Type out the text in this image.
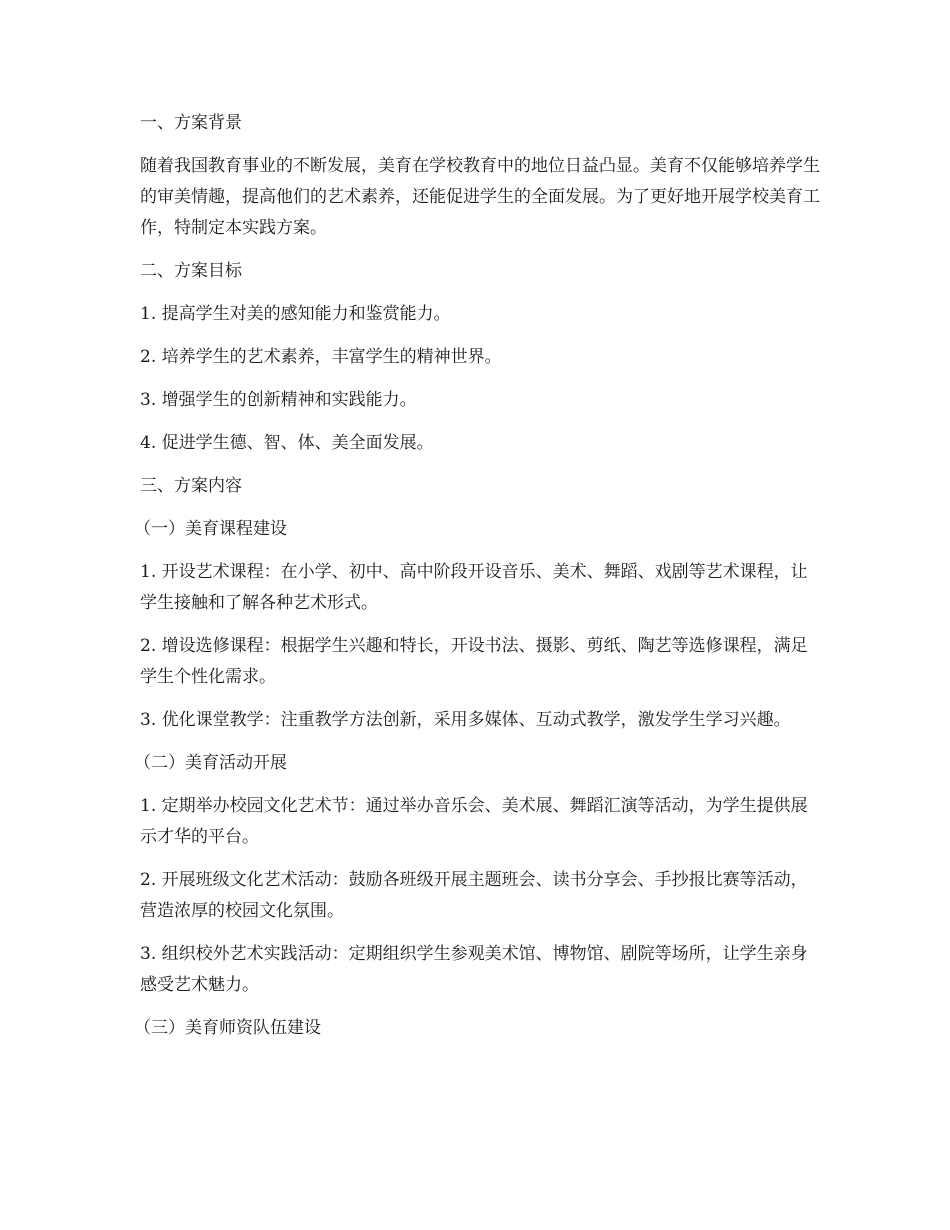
一、方案背景

随着我国教育事业的不断发展，美育在学校教育中的地位日益凸显。美育不仅能够培养学生的审美情趣，提高他们的艺术素养，还能促进学生的全面发展。为了更好地开展学校美育工作，特制定本实践方案。

二、方案目标

1. 提高学生对美的感知能力和鉴赏能力。

2. 培养学生的艺术素养，丰富学生的精神世界。

3. 增强学生的创新精神和实践能力。

4. 促进学生德、智、体、美全面发展。

三、方案内容

（一）美育课程建设

1. 开设艺术课程：在小学、初中、高中阶段开设音乐、美术、舞蹈、戏剧等艺术课程，让学生接触和了解各种艺术形式。

2. 增设选修课程：根据学生兴趣和特长，开设书法、摄影、剪纸、陶艺等选修课程，满足学生个性化需求。

3. 优化课堂教学：注重教学方法创新，采用多媒体、互动式教学，激发学生学习兴趣。

（二）美育活动开展

1. 定期举办校园文化艺术节：通过举办音乐会、美术展、舞蹈汇演等活动，为学生提供展示才华的平台。

2. 开展班级文化艺术活动：鼓励各班级开展主题班会、读书分享会、手抄报比赛等活动，营造浓厚的校园文化氛围。

3. 组织校外艺术实践活动：定期组织学生参观美术馆、博物馆、剧院等场所，让学生亲身感受艺术魅力。

（三）美育师资队伍建设
